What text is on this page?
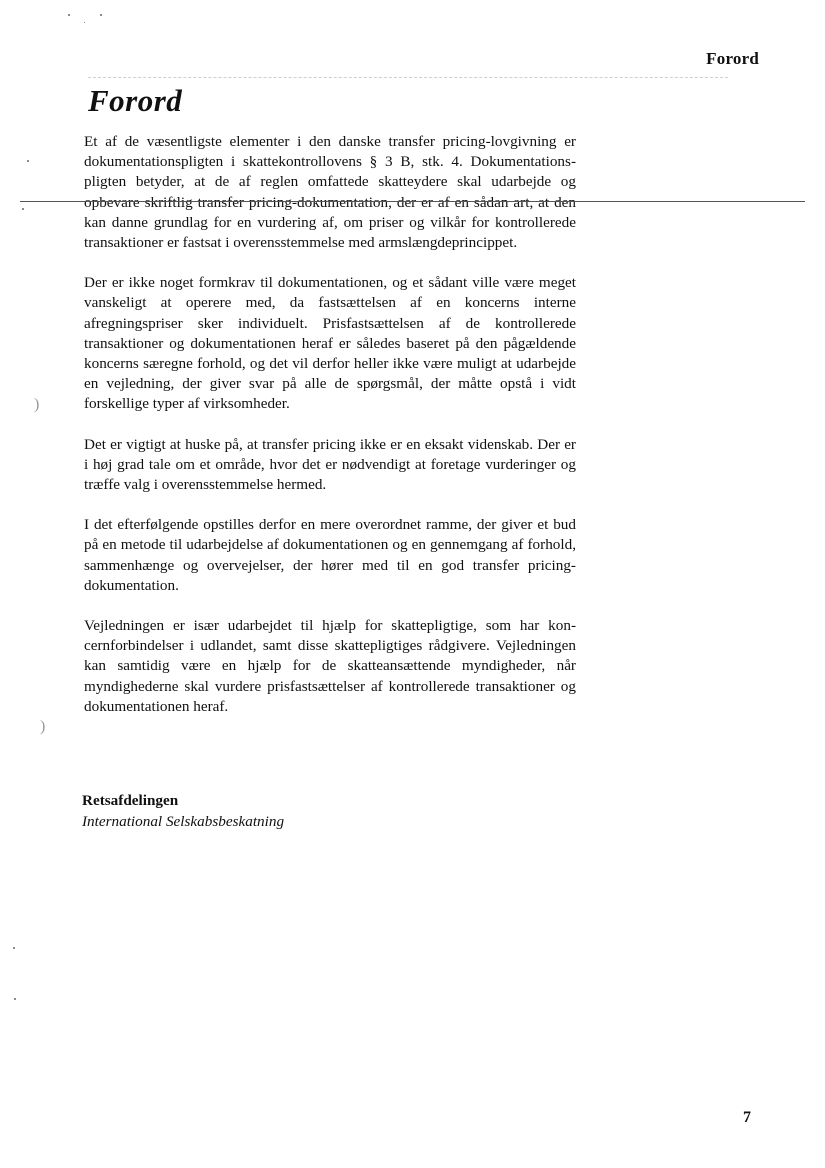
Forord
Forord

Et af de væsentligste elementer i den danske transfer pricing-lovgivning er dokumentationspligten i skattekontrollovens § 3 B, stk. 4. Dokumentationspligten betyder, at de af reglen omfattede skatteydere skal udarbejde og opbevare skriftlig transfer pricing-dokumentation, der er af en sådan art, at den kan danne grundlag for en vurdering af, om priser og vilkår for kontrollerede transaktioner er fastsat i overensstemmelse med armslængdeprincippet.

Der er ikke noget formkrav til dokumentationen, og et sådant ville være meget vanskeligt at operere med, da fastsættelsen af en koncerns interne afregningspriser sker individuelt. Prisfastsættelsen af de kontrollerede transaktioner og dokumentationen heraf er således baseret på den pågældende koncerns særegne forhold, og det vil derfor heller ikke være muligt at udarbejde en vejledning, der giver svar på alle de spørgsmål, der måtte opstå i vidt forskellige typer af virksomheder.

Det er vigtigt at huske på, at transfer pricing ikke er en eksakt videnskab. Der er i høj grad tale om et område, hvor det er nødvendigt at foretage vurderinger og træffe valg i overensstemmelse hermed.

I det efterfølgende opstilles derfor en mere overordnet ramme, der giver et bud på en metode til udarbejdelse af dokumentationen og en gennemgang af forhold, sammenhænge og overvejelser, der hører med til en god transfer pricing-dokumentation.

Vejledningen er især udarbejdet til hjælp for skattepligtige, som har koncernforbindelser i udlandet, samt disse skattepligtiges rådgivere. Vejledningen kan samtidig være en hjælp for de skatteansættende myndigheder, når myndighederne skal vurdere prisfastsættelser af kontrollerede transaktioner og dokumentationen heraf.

Retsafdelingen
International Selskabsbeskatning
7
)
)
